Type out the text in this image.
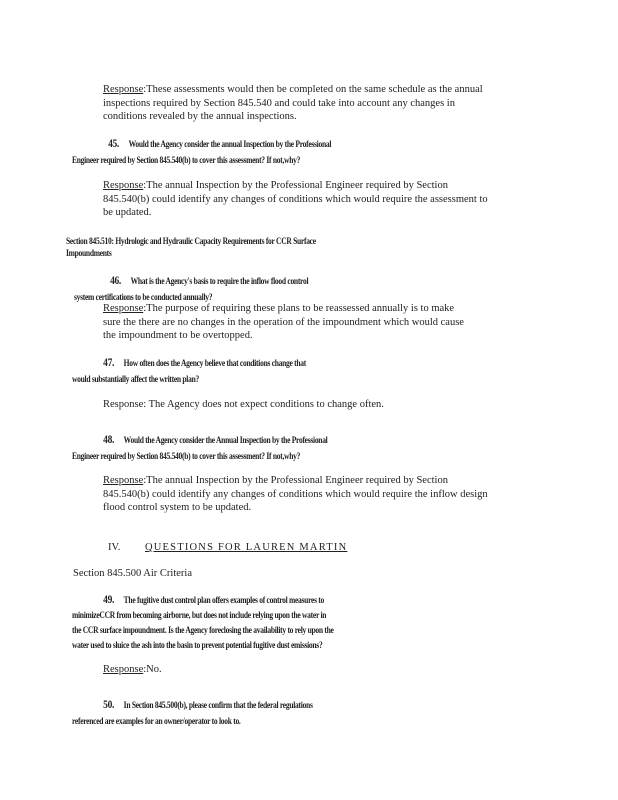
Response:These assessments would then be completed on the same schedule as the annual
inspections required by Section 845.540 and could take into account any changes in
conditions revealed by the annual inspections.
45. Would the Agency consider the annual Inspection by the Professional
Engineer required by Section 845.540(b) to cover this assessment? If not,why?
Response:The annual Inspection by the Professional Engineer required by Section
845.540(b) could identify any changes of conditions which would require the assessment to
be updated.
Section 845.510: Hydrologic and Hydraulic Capacity Requirements for CCR Surface
Impoundments
46. What is the Agency's basis to require the inflow flood control
system certifications to be conducted annually?
Response:The purpose of requiring these plans to be reassessed annually is to make
sure the there are no changes in the operation of the impoundment which would cause
the impoundment to be overtopped.
47. How often does the Agency believe that conditions change that
would substantially affect the written plan?
Response: The Agency does not expect conditions to change often.
48. Would the Agency consider the Annual Inspection by the Professional
Engineer required by Section 845.540(b) to cover this assessment? If not,why?
Response:The annual Inspection by the Professional Engineer required by Section
845.540(b) could identify any changes of conditions which would require the inflow design
flood control system to be updated.
IV. QUESTIONS FOR LAUREN MARTIN
Section 845.500 Air Criteria
49. The fugitive dust control plan offers examples of control measures to
minimizeCCR from becoming airborne, but does not include relying upon the water in
the CCR surface impoundment. Is the Agency foreclosing the availability to rely upon the
water used to sluice the ash into the basin to prevent potential fugitive dust emissions?
Response:No.
50. In Section 845.500(b), please confirm that the federal regulations
referenced are examples for an owner/operator to look to.
